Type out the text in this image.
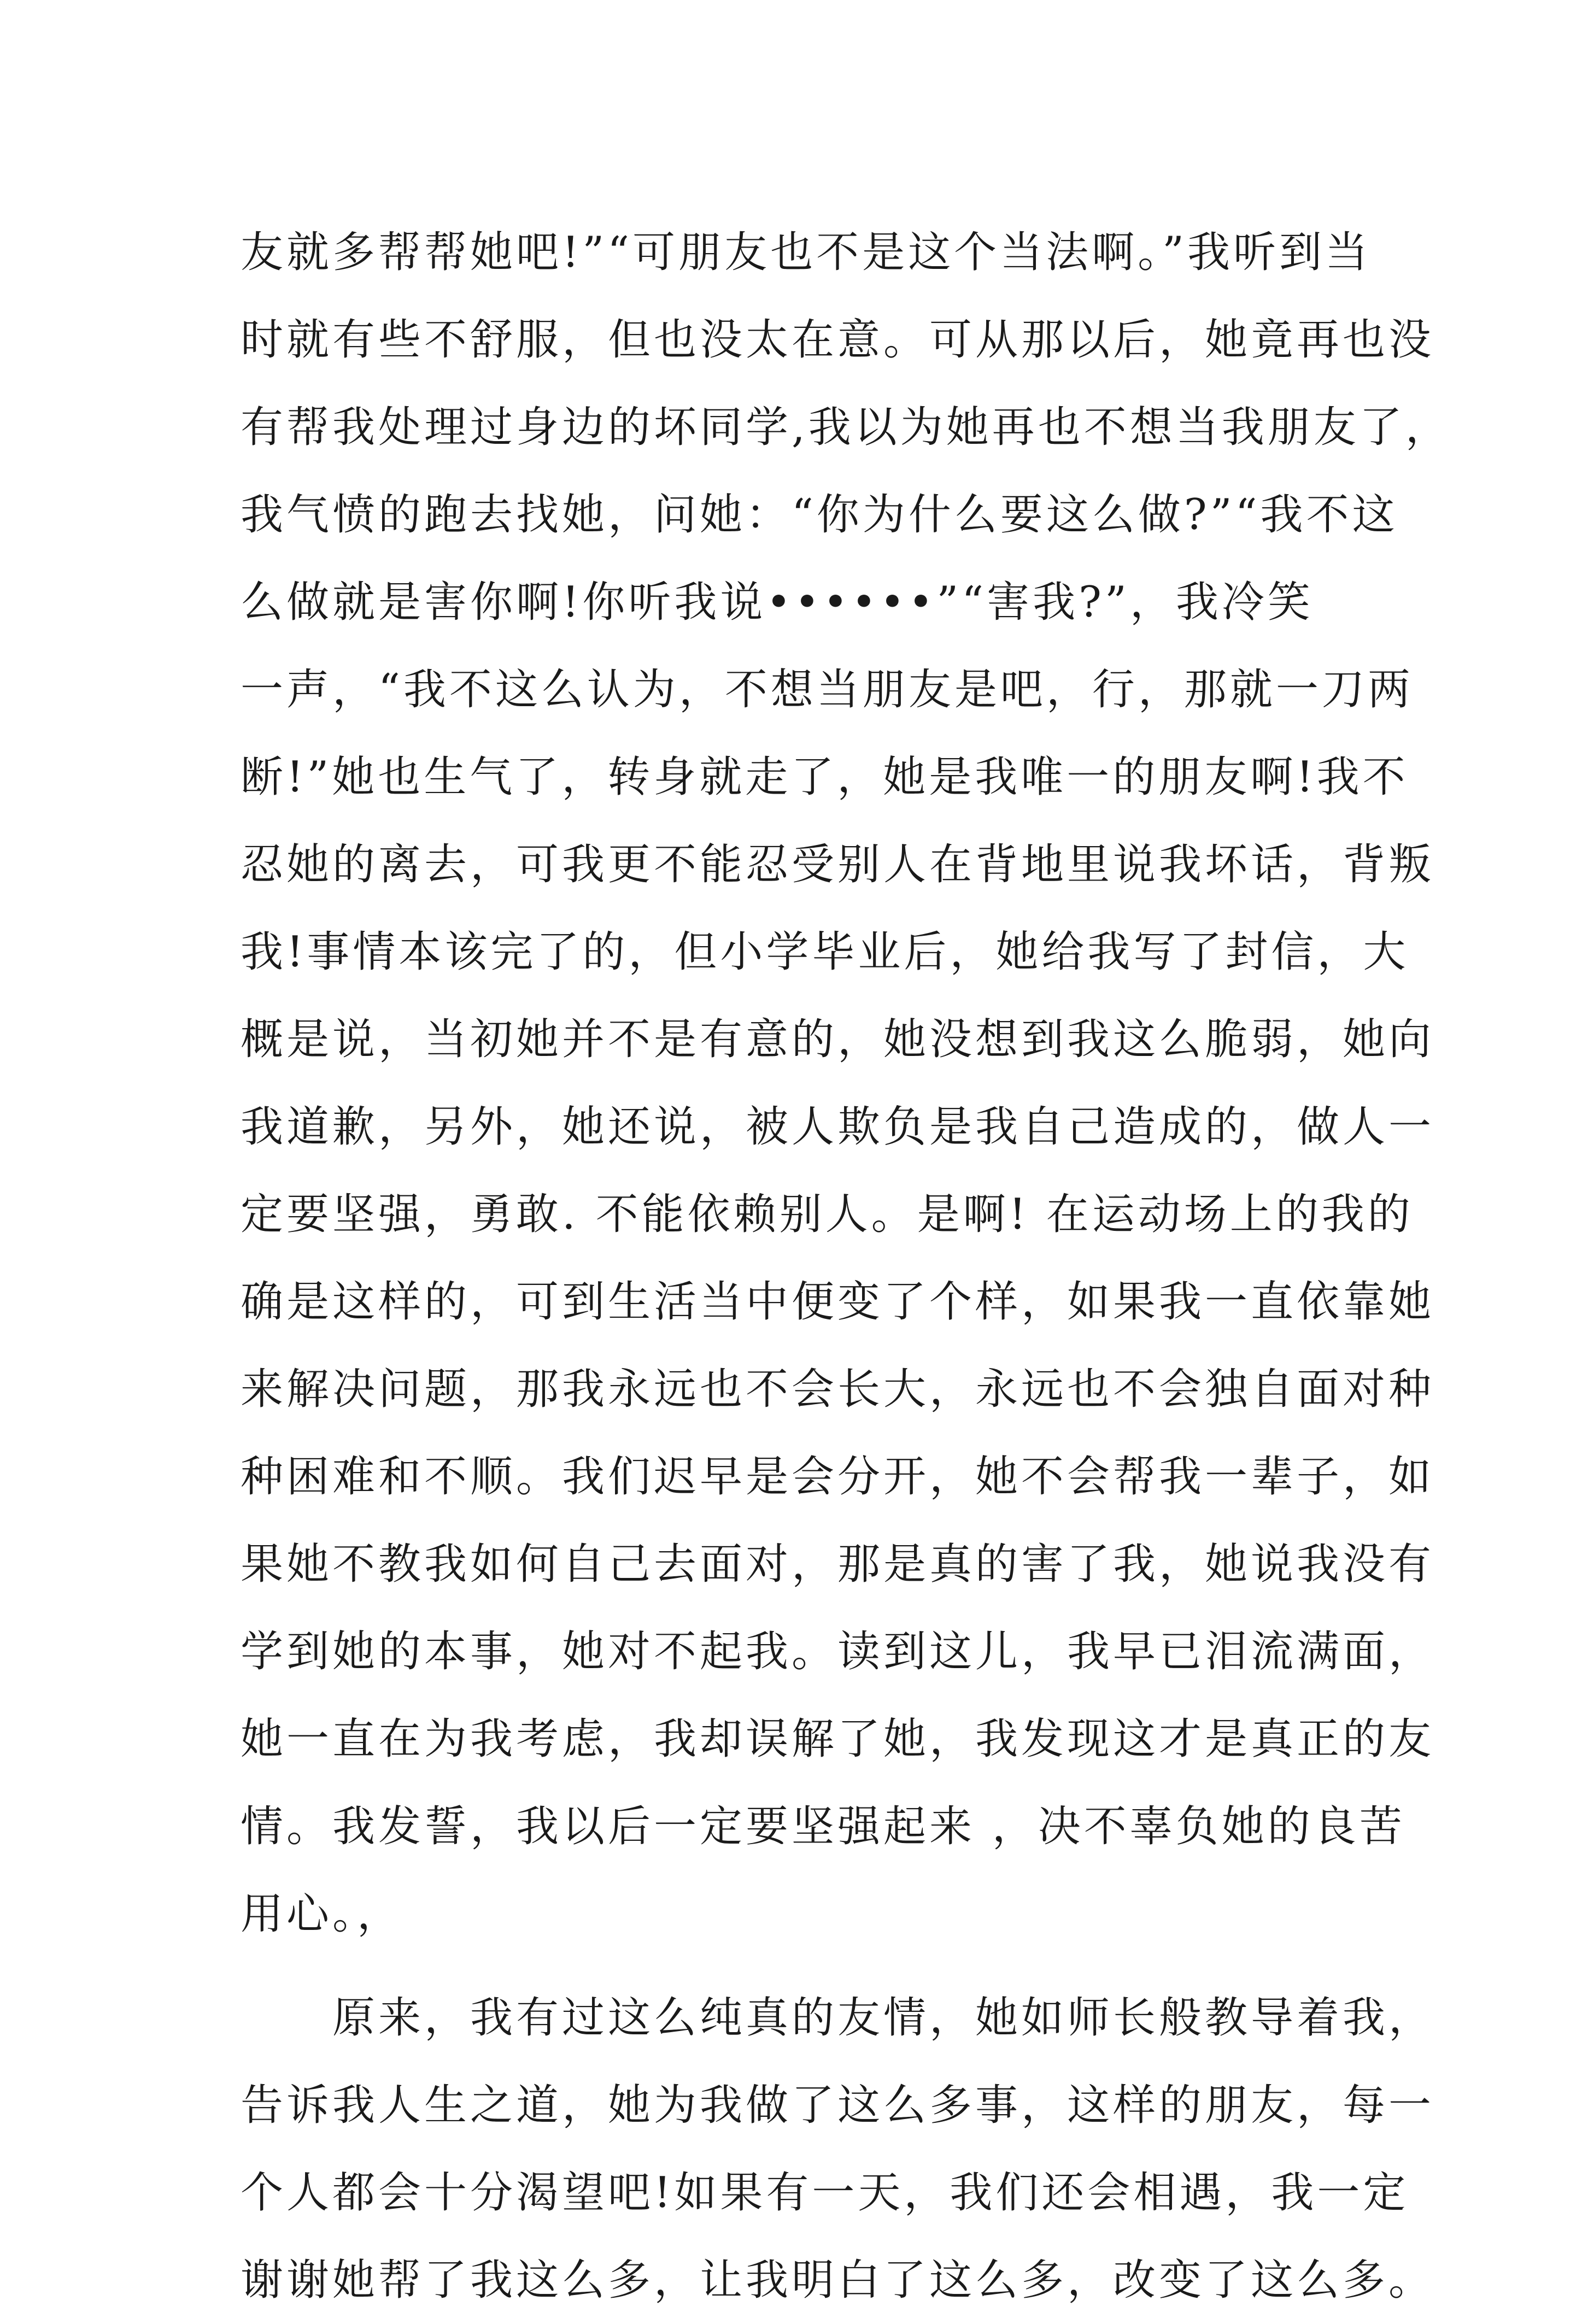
友就多帮帮她吧!”“可朋友也不是这个当法啊。”我听到当
时就有些不舒服，但也没太在意。可从那以后，她竟再也没
有帮我处理过身边的坏同学,我以为她再也不想当我朋友了，
我气愤的跑去找她，问她：“你为什么要这么做?”“我不这
么做就是害你啊!你听我说••••••”“害我?”，我冷笑
一声，“我不这么认为，不想当朋友是吧，行，那就一刀两
断!”她也生气了，转身就走了，她是我唯一的朋友啊!我不
忍她的离去，可我更不能忍受别人在背地里说我坏话，背叛
我!事情本该完了的，但小学毕业后，她给我写了封信，大
概是说，当初她并不是有意的，她没想到我这么脆弱，她向
我道歉，另外，她还说，被人欺负是我自己造成的，做人一
定要坚强，勇敢. 不能依赖别人。是啊! 在运动场上的我的
确是这样的，可到生活当中便变了个样，如果我一直依靠她
来解决问题，那我永远也不会长大，永远也不会独自面对种
种困难和不顺。我们迟早是会分开，她不会帮我一辈子，如
果她不教我如何自己去面对，那是真的害了我，她说我没有
学到她的本事，她对不起我。读到这儿，我早已泪流满面，
她一直在为我考虑，我却误解了她，我发现这才是真正的友
情。我发誓，我以后一定要坚强起来 ，决不辜负她的良苦
用心。，
　　原来，我有过这么纯真的友情，她如师长般教导着我，
告诉我人生之道，她为我做了这么多事，这样的朋友，每一
个人都会十分渴望吧!如果有一天，我们还会相遇，我一定
谢谢她帮了我这么多，让我明白了这么多，改变了这么多。
